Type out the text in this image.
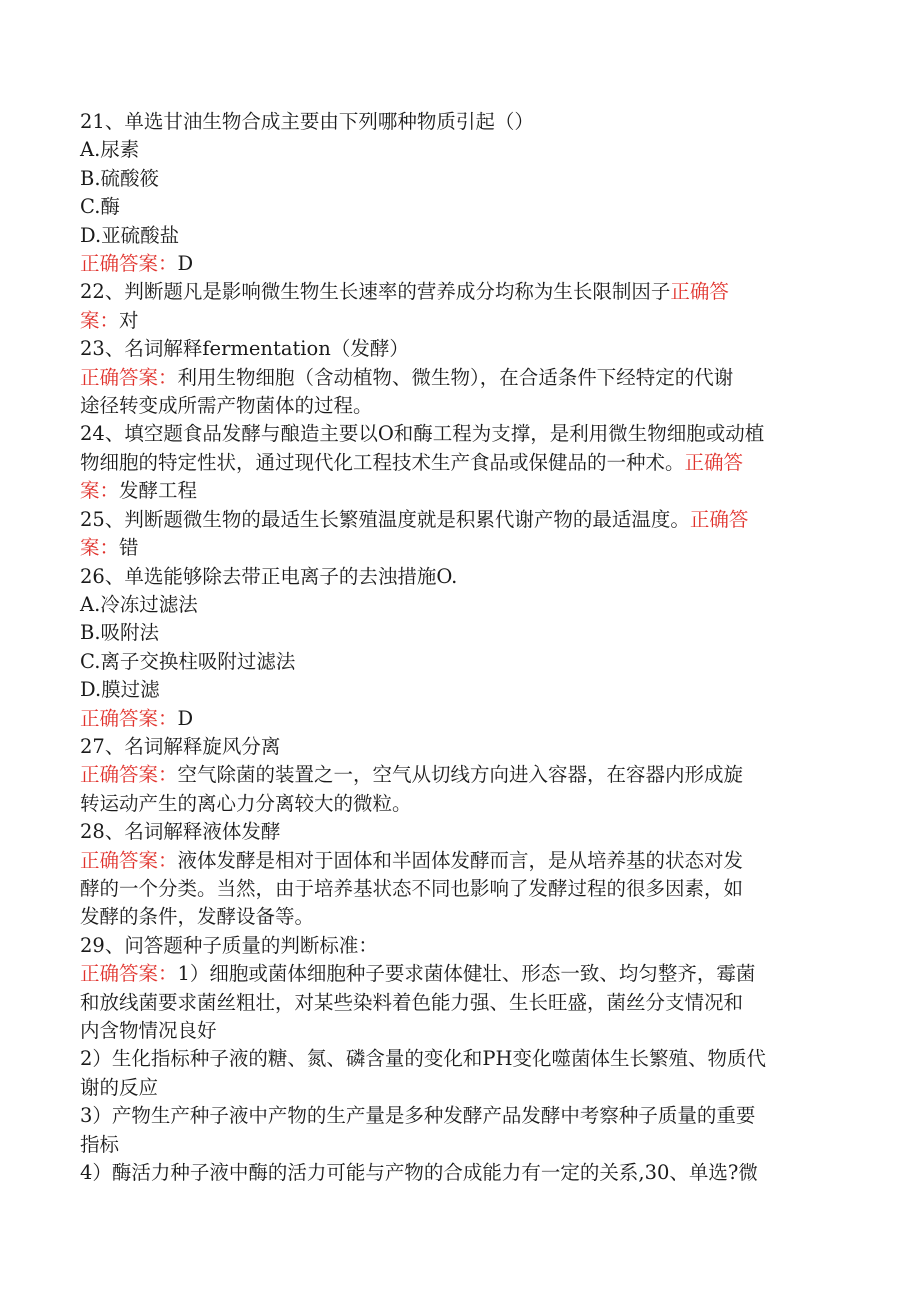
21、单选甘油生物合成主要由下列哪种物质引起（）
A.尿素
B.硫酸筱
C.酶
D.亚硫酸盐
正确答案：D
22、判断题凡是影响微生物生长速率的营养成分均称为生长限制因子正确答
案：对
23、名词解释fermentation（发酵）
正确答案：利用生物细胞（含动植物、微生物），在合适条件下经特定的代谢
途径转变成所需产物菌体的过程。
24、填空题食品发酵与酿造主要以O和酶工程为支撑，是利用微生物细胞或动植
物细胞的特定性状，通过现代化工程技术生产食品或保健品的一种术。正确答
案：发酵工程
25、判断题微生物的最适生长繁殖温度就是积累代谢产物的最适温度。正确答
案：错
26、单选能够除去带正电离子的去浊措施O.
A.冷冻过滤法
B.吸附法
C.离子交换柱吸附过滤法
D.膜过滤
正确答案：D
27、名词解释旋风分离
正确答案：空气除菌的装置之一，空气从切线方向进入容器，在容器内形成旋
转运动产生的离心力分离较大的微粒。
28、名词解释液体发酵
正确答案：液体发酵是相对于固体和半固体发酵而言，是从培养基的状态对发
酵的一个分类。当然，由于培养基状态不同也影响了发酵过程的很多因素，如
发酵的条件，发酵设备等。
29、问答题种子质量的判断标准：
正确答案：1）细胞或菌体细胞种子要求菌体健壮、形态一致、均匀整齐，霉菌
和放线菌要求菌丝粗壮，对某些染料着色能力强、生长旺盛，菌丝分支情况和
内含物情况良好
2）生化指标种子液的糖、氮、磷含量的变化和PH变化噬菌体生长繁殖、物质代
谢的反应
3）产物生产种子液中产物的生产量是多种发酵产品发酵中考察种子质量的重要
指标
4）酶活力种子液中酶的活力可能与产物的合成能力有一定的关系,30、单选?微
